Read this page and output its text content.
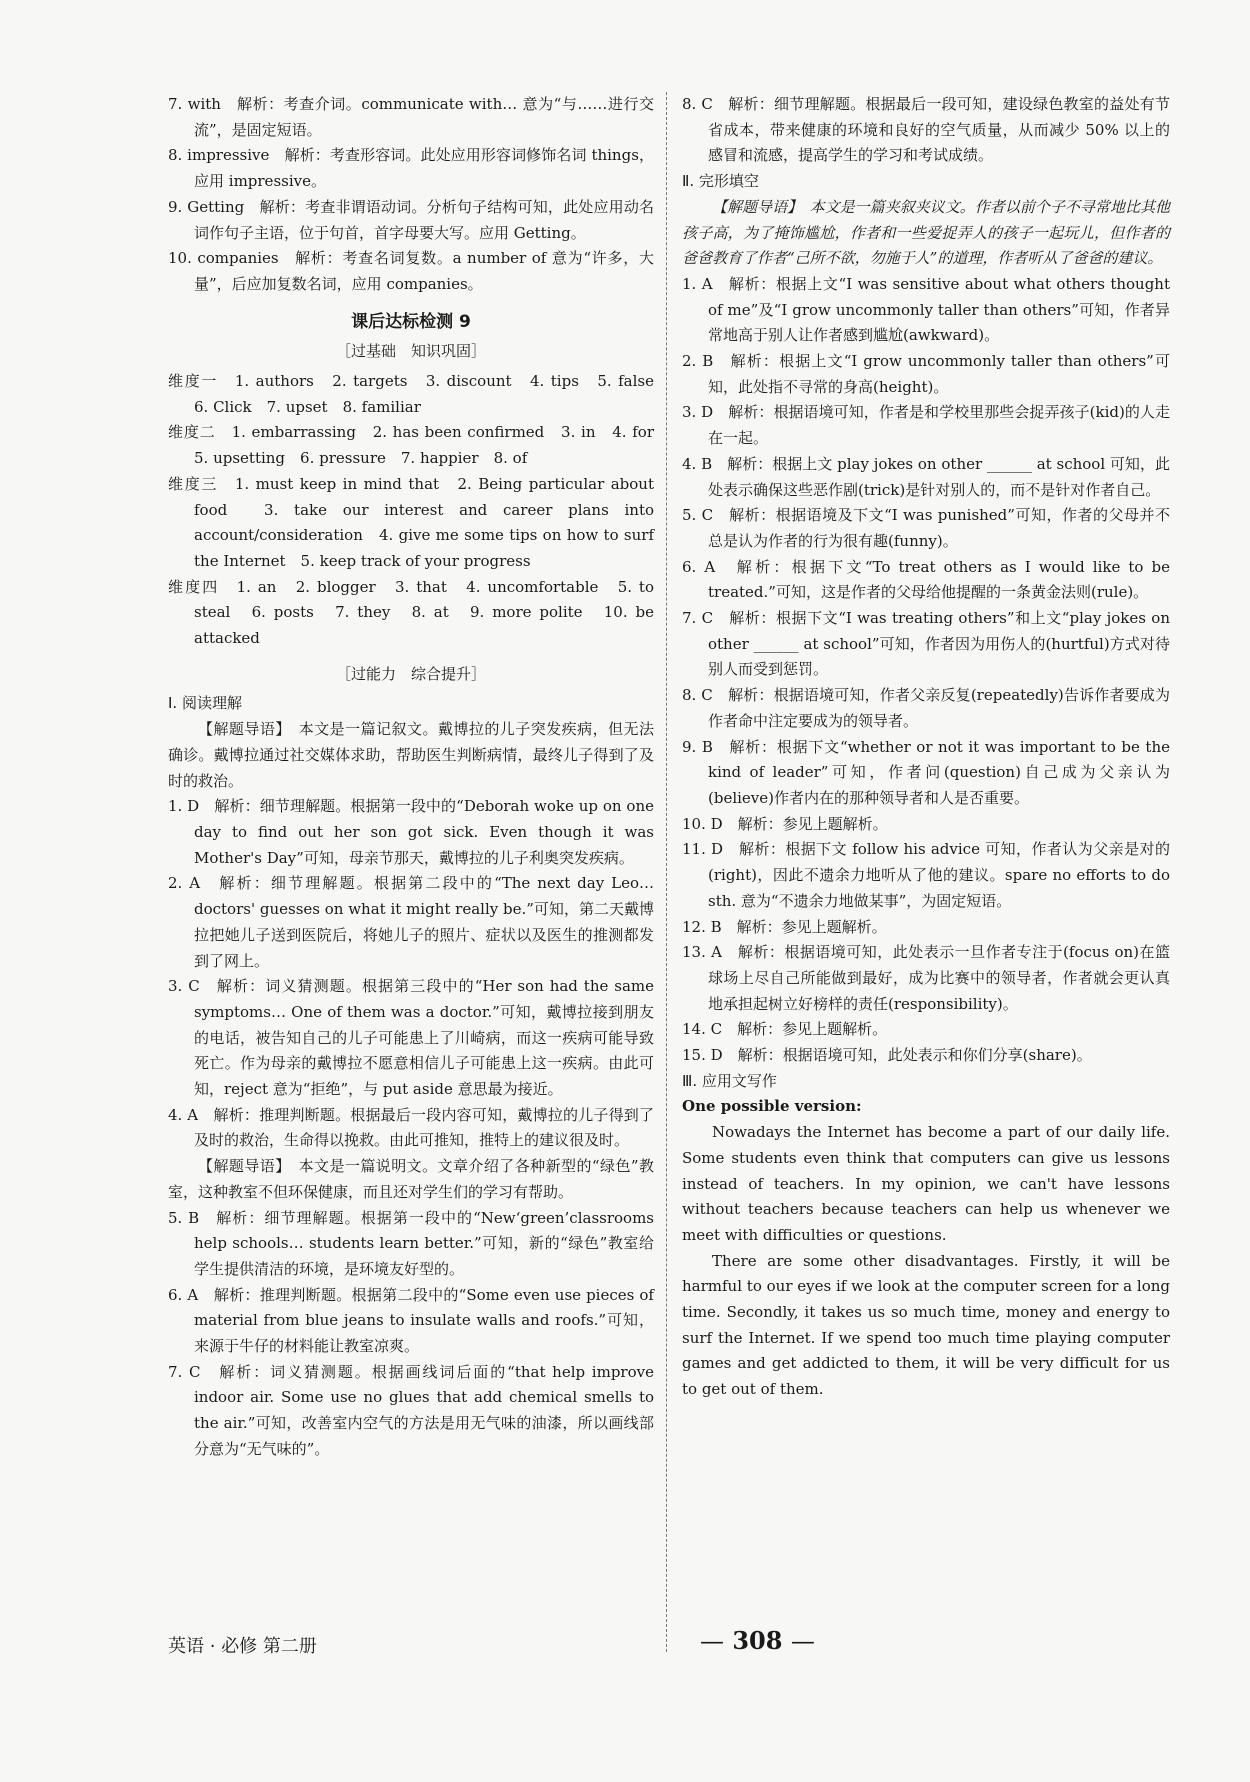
7. with　解析：考查介词。communicate with… 意为“与……进行交流”，是固定短语。

8. impressive　解析：考查形容词。此处应用形容词修饰名词 things，应用 impressive。

9. Getting　解析：考查非谓语动词。分析句子结构可知，此处应用动名词作句子主语，位于句首，首字母要大写。应用 Getting。

10. companies　解析：考查名词复数。a number of 意为“许多，大量”，后应加复数名词，应用 companies。

课后达标检测 9
［过基础　知识巩固］

维度一　1. authors　2. targets　3. discount　4. tips　5. false　6. Click　7. upset　8. familiar

维度二　1. embarrassing　2. has been confirmed　3. in　4. for　5. upsetting　6. pressure　7. happier　8. of

维度三　1. must keep in mind that　2. Being particular about food　3. take our interest and career plans into account/consideration　4. give me some tips on how to surf the Internet　5. keep track of your progress

维度四　1. an　2. blogger　3. that　4. uncomfortable　5. to steal　6. posts　7. they　8. at　9. more polite　10. be attacked

［过能力　综合提升］

Ⅰ. 阅读理解

【解题导语】　本文是一篇记叙文。戴博拉的儿子突发疾病，但无法确诊。戴博拉通过社交媒体求助，帮助医生判断病情，最终儿子得到了及时的救治。

1. D　解析：细节理解题。根据第一段中的“Deborah woke up on one day to find out her son got sick. Even though it was Mother's Day”可知，母亲节那天，戴博拉的儿子利奥突发疾病。

2. A　解析：细节理解题。根据第二段中的“The next day Leo… doctors' guesses on what it might really be.”可知，第二天戴博拉把她儿子送到医院后，将她儿子的照片、症状以及医生的推测都发到了网上。

3. C　解析：词义猜测题。根据第三段中的“Her son had the same symptoms… One of them was a doctor.”可知，戴博拉接到朋友的电话，被告知自己的儿子可能患上了川崎病，而这一疾病可能导致死亡。作为母亲的戴博拉不愿意相信儿子可能患上这一疾病。由此可知，reject 意为“拒绝”，与 put aside 意思最为接近。

4. A　解析：推理判断题。根据最后一段内容可知，戴博拉的儿子得到了及时的救治，生命得以挽救。由此可推知，推特上的建议很及时。

【解题导语】　本文是一篇说明文。文章介绍了各种新型的“绿色”教室，这种教室不但环保健康，而且还对学生们的学习有帮助。

5. B　解析：细节理解题。根据第一段中的“New‘green’classrooms help schools… students learn better.”可知，新的“绿色”教室给学生提供清洁的环境，是环境友好型的。

6. A　解析：推理判断题。根据第二段中的“Some even use pieces of material from blue jeans to insulate walls and roofs.”可知，来源于牛仔的材料能让教室凉爽。

7. C　解析：词义猜测题。根据画线词后面的“that help improve indoor air. Some use no glues that add chemical smells to the air.”可知，改善室内空气的方法是用无气味的油漆，所以画线部分意为“无气味的”。

8. C　解析：细节理解题。根据最后一段可知，建设绿色教室的益处有节省成本，带来健康的环境和良好的空气质量，从而减少 50% 以上的感冒和流感，提高学生的学习和考试成绩。

Ⅱ. 完形填空

【解题导语】　本文是一篇夹叙夹议文。作者以前个子不寻常地比其他孩子高，为了掩饰尴尬，作者和一些爱捉弄人的孩子一起玩儿，但作者的爸爸教育了作者“己所不欲，勿施于人”的道理，作者听从了爸爸的建议。

1. A　解析：根据上文“I was sensitive about what others thought of me”及“I grow uncommonly taller than others”可知，作者异常地高于别人让作者感到尴尬(awkward)。

2. B　解析：根据上文“I grow uncommonly taller than others”可知，此处指不寻常的身高(height)。

3. D　解析：根据语境可知，作者是和学校里那些会捉弄孩子(kid)的人走在一起。

4. B　解析：根据上文 play jokes on other ______ at school 可知，此处表示确保这些恶作剧(trick)是针对别人的，而不是针对作者自己。

5. C　解析：根据语境及下文“I was punished”可知，作者的父母并不总是认为作者的行为很有趣(funny)。

6. A　解析：根据下文“To treat others as I would like to be treated.”可知，这是作者的父母给他提醒的一条黄金法则(rule)。

7. C　解析：根据下文“I was treating others”和上文“play jokes on other ______ at school”可知，作者因为用伤人的(hurtful)方式对待别人而受到惩罚。

8. C　解析：根据语境可知，作者父亲反复(repeatedly)告诉作者要成为作者命中注定要成为的领导者。

9. B　解析：根据下文“whether or not it was important to be the kind of leader”可知，作者问(question)自己成为父亲认为(believe)作者内在的那种领导者和人是否重要。

10. D　解析：参见上题解析。

11. D　解析：根据下文 follow his advice 可知，作者认为父亲是对的(right)，因此不遗余力地听从了他的建议。spare no efforts to do sth. 意为“不遗余力地做某事”，为固定短语。

12. B　解析：参见上题解析。

13. A　解析：根据语境可知，此处表示一旦作者专注于(focus on)在篮球场上尽自己所能做到最好，成为比赛中的领导者，作者就会更认真地承担起树立好榜样的责任(responsibility)。

14. C　解析：参见上题解析。

15. D　解析：根据语境可知，此处表示和你们分享(share)。

Ⅲ. 应用文写作

One possible version:

Nowadays the Internet has become a part of our daily life. Some students even think that computers can give us lessons instead of teachers. In my opinion, we can't have lessons without teachers because teachers can help us whenever we meet with difficulties or questions.

There are some other disadvantages. Firstly, it will be harmful to our eyes if we look at the computer screen for a long time. Secondly, it takes us so much time, money and energy to surf the Internet. If we spend too much time playing computer games and get addicted to them, it will be very difficult for us to get out of them.

英语 · 必修 第二册	— 308 —
